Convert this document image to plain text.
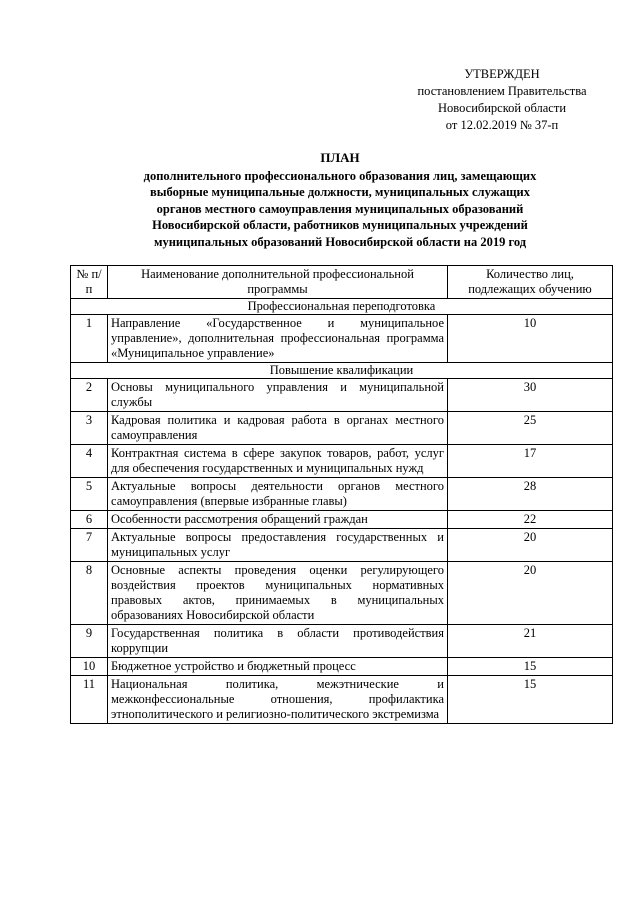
УТВЕРЖДЕН
постановлением Правительства
Новосибирской области
от 12.02.2019 № 37-п
ПЛАН
дополнительного профессионального образования лиц, замещающих
выборные муниципальные должности, муниципальных служащих
органов местного самоуправления муниципальных образований
Новосибирской области, работников муниципальных учреждений
муниципальных образований Новосибирской области на 2019 год
№ п/п	Наименование дополнительной профессиональной программы	Количество лиц, подлежащих обучению
Профессиональная переподготовка		
1	Направление «Государственное и муниципальное управление», дополнительная профессиональная программа «Муниципальное управление»	10
Повышение квалификации		
2	Основы муниципального управления и муниципальной службы	30
3	Кадровая политика и кадровая работа в органах местного самоуправления	25
4	Контрактная система в сфере закупок товаров, работ, услуг для обеспечения государственных и муниципальных нужд	17
5	Актуальные вопросы деятельности органов местного самоуправления (впервые избранные главы)	28
6	Особенности рассмотрения обращений граждан	22
7	Актуальные вопросы предоставления государственных и муниципальных услуг	20
8	Основные аспекты проведения оценки регулирующего воздействия проектов муниципальных нормативных правовых актов, принимаемых в муниципальных образованиях Новосибирской области	20
9	Государственная политика в области противодействия коррупции	21
10	Бюджетное устройство и бюджетный процесс	15
11	Национальная политика, межэтнические и межконфессиональные отношения, профилактика этнополитического и религиозно-политического экстремизма	15
